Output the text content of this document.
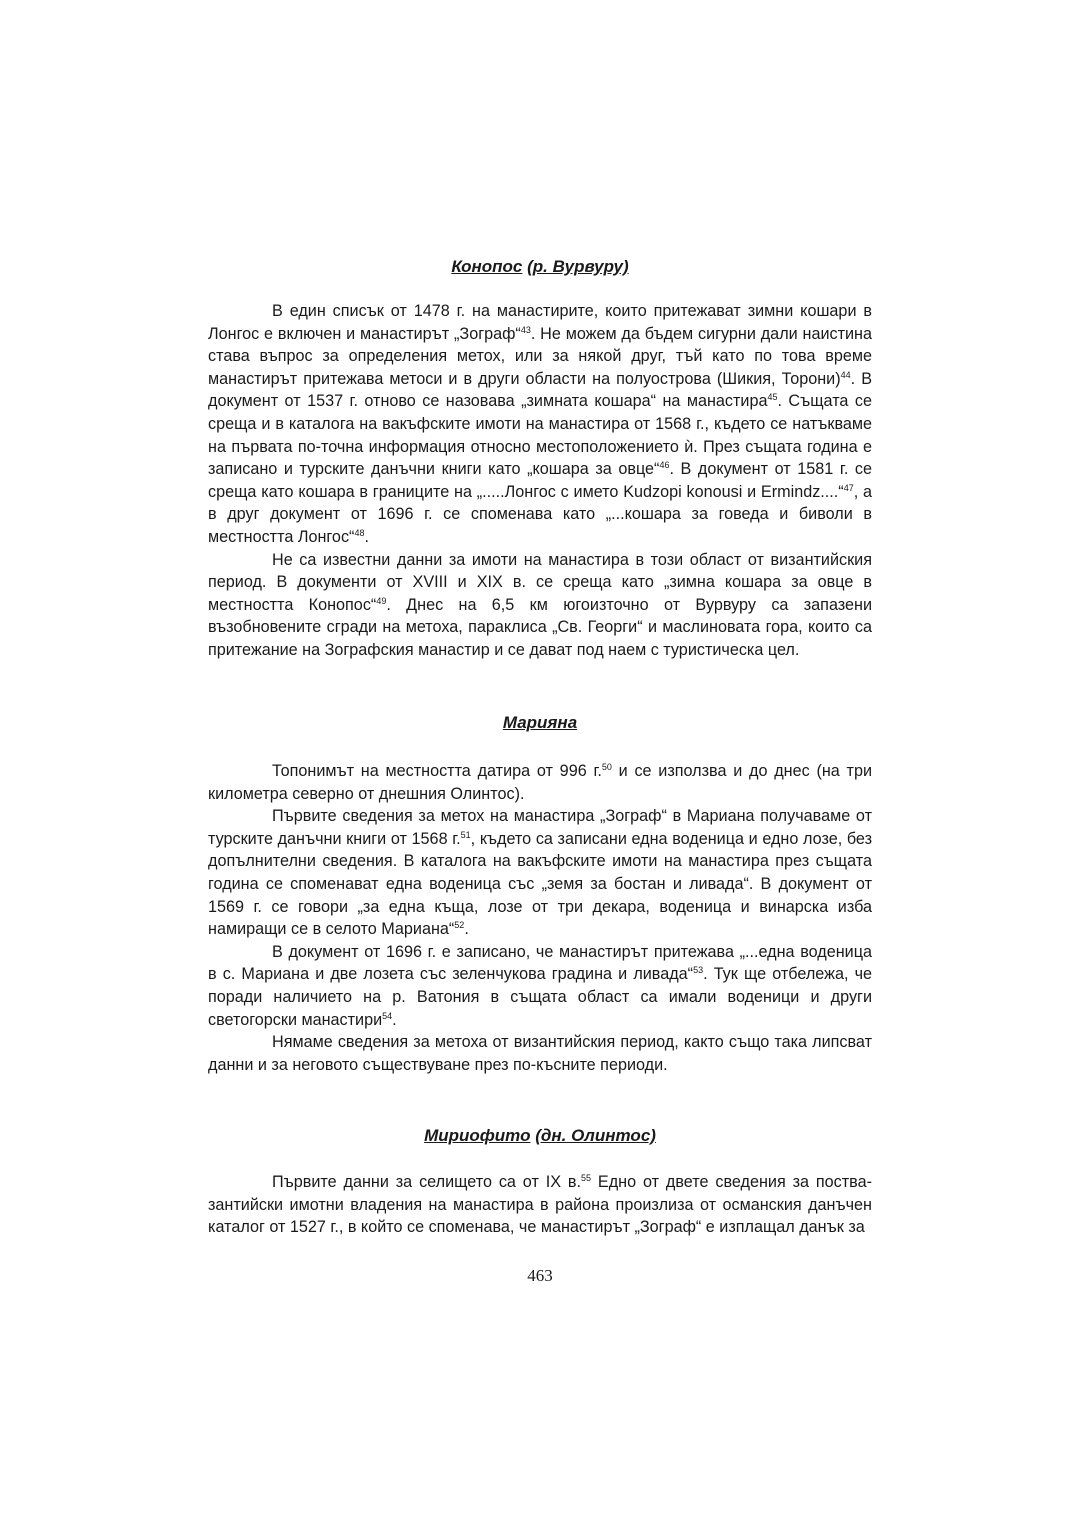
Конопос (р. Вурвуру)

В един списък от 1478 г. на манастирите, които притежават зимни кошари в Лонгос е включен и манастирът „Зограф“$^{43}$. Не можем да бъдем сигурни дали наистина става въпрос за определения метох, или за някой друг, тъй като по това време манастирът притежава метоси и в други области на полуострова (Шикия, Торони)$^{44}$. В документ от 1537 г. отново се назовава „зимната кошара“ на манастира$^{45}$. Същата се среща и в каталога на вакъфските имоти на манастира от 1568 г., където се натъкваме на първата по-точна информация относно местоположението ѝ. През същата година е записано и турските данъчни книги като „кошара за овце“$^{46}$. В документ от 1581 г. се среща като кошара в границите на „.....Лонгос с името Kudzopi konousi и Ermindz....“$^{47}$, а в друг документ от 1696 г. се споменава като „...кошара за говеда и биволи в местността Лонгос“$^{48}$.

Не са известни данни за имоти на манастира в този област от византийския период. В документи от XVIII и XIX в. се среща като „зимна кошара за овце в местността Конопос“$^{49}$. Днес на 6,5 км югоизточно от Вурвуру са запазени възобновените сгради на метоха, параклиса „Св. Георги“ и маслиновата гора, които са притежание на Зографския манастир и се дават под наем с туристическа цел.

Марияна

Топонимът на местността датира от 996 г.$^{50}$ и се използва и до днес (на три километра северно от днешния Олинтос).

Първите сведения за метох на манастира „Зограф“ в Мариана получаваме от турските данъчни книги от 1568 г.$^{51}$, където са записани една воденица и едно лозе, без допълнителни сведения. В каталога на вакъфските имоти на манастира през същата година се споменават една воденица със „земя за бостан и ливада“. В документ от 1569 г. се говори „за една къща, лозе от три декара, воденица и винарска изба намиращи се в селото Мариана“$^{52}$.

В документ от 1696 г. е записано, че манастирът притежава „...една воденица в с. Мариана и две лозета със зеленчукова градина и ливада“$^{53}$. Тук ще отбележа, че поради наличието на р. Ватония в същата област са имали воденици и други светогорски манастири$^{54}$.

Нямаме сведения за метоха от византийския период, както също така липсват данни и за неговото съществуване през по-късните периоди.

Мириофито (дн. Олинтос)

Първите данни за селището са от IX в.$^{55}$ Едно от двете сведения за поства-зантийски имотни владения на манастира в района произлиза от османския данъчен каталог от 1527 г., в който се споменава, че манастирът „Зограф“ е изплащал данък за

463
